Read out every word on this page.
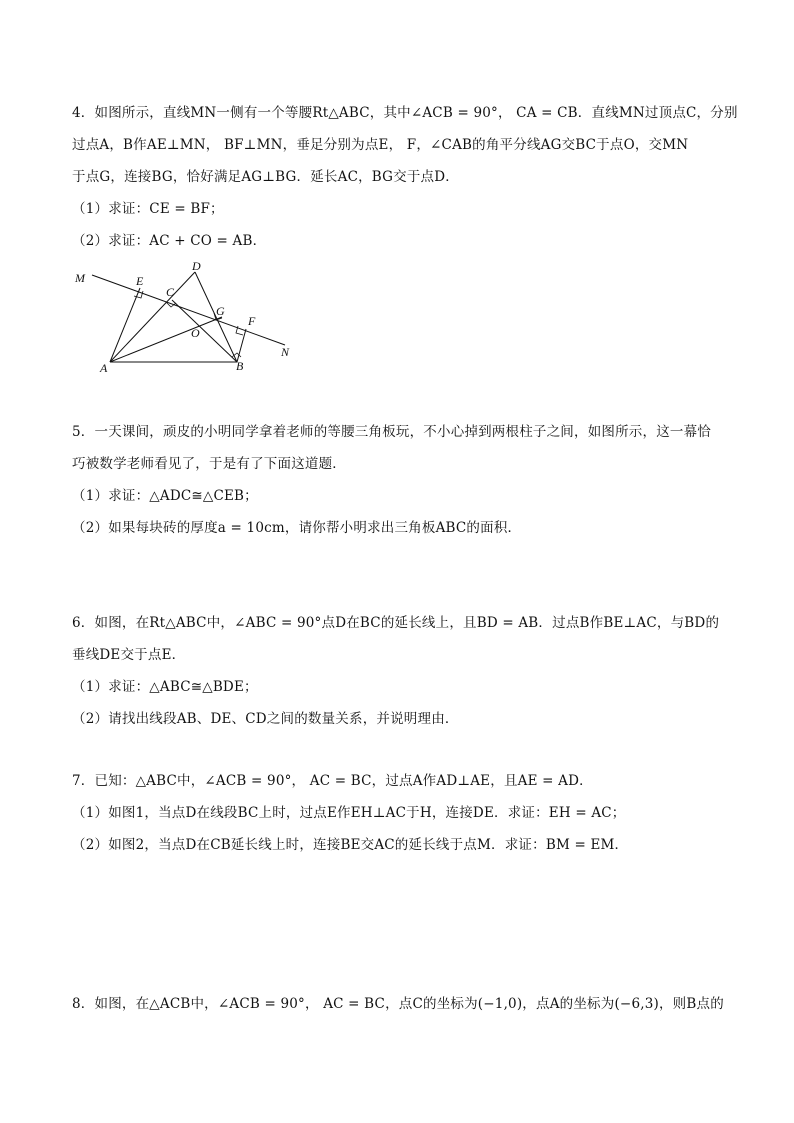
4．如图所示，直线MN一侧有一个等腰Rt△ABC，其中∠ACB = 90°， CA = CB．直线MN过顶点C，分别
过点A，B作AE⊥MN， BF⊥MN，垂足分别为点E， F，∠CAB的角平分线AG交BC于点O，交MN
于点G，连接BG，恰好满足AG⊥BG．延长AC，BG交于点D．
（1）求证：CE = BF；
（2）求证：AC + CO = AB．
M	E
D
C
G
F
O
N
A	B
5．一天课间，顽皮的小明同学拿着老师的等腰三角板玩，不小心掉到两根柱子之间，如图所示，这一幕恰
巧被数学老师看见了，于是有了下面这道题．
（1）求证：△ADC≅△CEB；
（2）如果每块砖的厚度a = 10cm，请你帮小明求出三角板ABC的面积．
6．如图，在Rt△ABC中，∠ABC = 90°点D在BC的延长线上，且BD = AB．过点B作BE⊥AC，与BD的
垂线DE交于点E．
（1）求证：△ABC≅△BDE；
（2）请找出线段AB、DE、CD之间的数量关系，并说明理由．
7．已知：△ABC中，∠ACB = 90°， AC = BC，过点A作AD⊥AE，且AE = AD．
（1）如图1，当点D在线段BC上时，过点E作EH⊥AC于H，连接DE．求证：EH = AC；
（2）如图2，当点D在CB延长线上时，连接BE交AC的延长线于点M．求证：BM = EM．
8．如图，在△ACB中，∠ACB = 90°， AC = BC，点C的坐标为(−1,0)，点A的坐标为(−6,3)，则B点的
